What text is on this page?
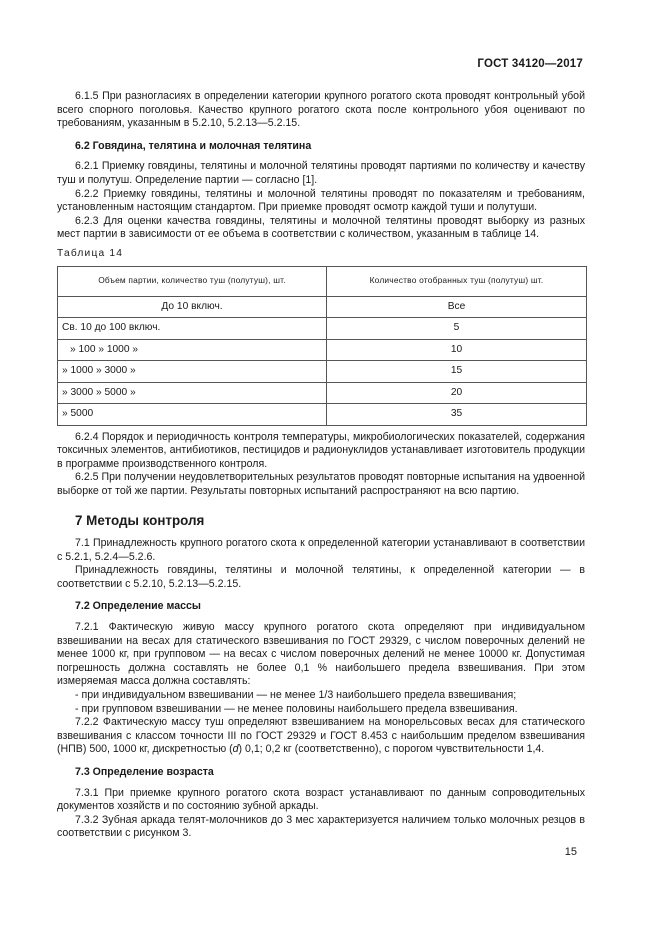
ГОСТ 34120—2017

6.1.5 При разногласиях в определении категории крупного рогатого скота проводят контрольный убой всего спорного поголовья. Качество крупного рогатого скота после контрольного убоя оценивают по требованиям, указанным в 5.2.10, 5.2.13—5.2.15.

6.2 Говядина, телятина и молочная телятина

6.2.1 Приемку говядины, телятины и молочной телятины проводят партиями по количеству и качеству туш и полутуш. Определение партии — согласно [1].

6.2.2 Приемку говядины, телятины и молочной телятины проводят по показателям и требованиям, установленным настоящим стандартом. При приемке проводят осмотр каждой туши и полутуши.

6.2.3 Для оценки качества говядины, телятины и молочной телятины проводят выборку из разных мест партии в зависимости от ее объема в соответствии с количеством, указанным в таблице 14.

Таблица 14
Объем партии, количество туш (полутуш), шт.	Количество отобранных туш (полутуш) шт.
До 10 включ.	Все
Св. 10 до 100 включ.	5
» 100 » 1000 »	10
» 1000 » 3000 »	15
» 3000 » 5000 »	20
» 5000	35

6.2.4 Порядок и периодичность контроля температуры, микробиологических показателей, содержания токсичных элементов, антибиотиков, пестицидов и радионуклидов устанавливает изготовитель продукции в программе производственного контроля.

6.2.5 При получении неудовлетворительных результатов проводят повторные испытания на удвоенной выборке от той же партии. Результаты повторных испытаний распространяют на всю партию.

7 Методы контроля

7.1 Принадлежность крупного рогатого скота к определенной категории устанавливают в соответствии с 5.2.1, 5.2.4—5.2.6.

Принадлежность говядины, телятины и молочной телятины, к определенной категории — в соответствии с 5.2.10, 5.2.13—5.2.15.

7.2 Определение массы

7.2.1 Фактическую живую массу крупного рогатого скота определяют при индивидуальном взвешивании на весах для статического взвешивания по ГОСТ 29329, с числом поверочных делений не менее 1000 кг, при групповом — на весах с числом поверочных делений не менее 10000 кг. Допустимая погрешность должна составлять не более 0,1 % наибольшего предела взвешивания. При этом измеряемая масса должна составлять:

- при индивидуальном взвешивании — не менее 1/3 наибольшего предела взвешивания;

- при групповом взвешивании — не менее половины наибольшего предела взвешивания.

7.2.2 Фактическую массу туш определяют взвешиванием на монорельсовых весах для статического взвешивания с классом точности III по ГОСТ 29329 и ГОСТ 8.453 с наибольшим пределом взвешивания (НПВ) 500, 1000 кг, дискретностью (d) 0,1; 0,2 кг (соответственно), с порогом чувствительности 1,4.

7.3 Определение возраста

7.3.1 При приемке крупного рогатого скота возраст устанавливают по данным сопроводительных документов хозяйств и по состоянию зубной аркады.

7.3.2 Зубная аркада телят-молочников до 3 мес характеризуется наличием только молочных резцов в соответствии с рисунком 3.

15
